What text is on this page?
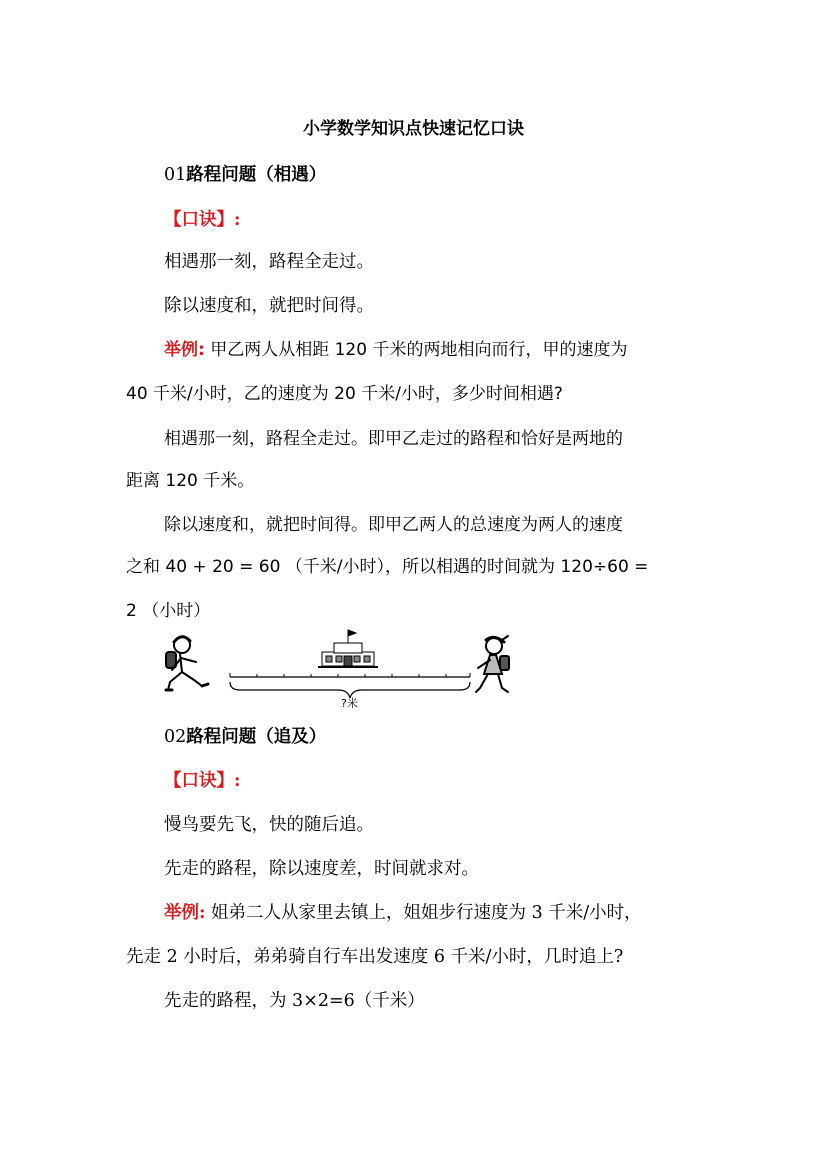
小学数学知识点快速记忆口诀
01路程问题（相遇）
【口诀】:
相遇那一刻，路程全走过。
除以速度和，就把时间得。
举例: 甲乙两人从相距 120 千米的两地相向而行，甲的速度为
40 千米/小时，乙的速度为 20 千米/小时，多少时间相遇?
相遇那一刻，路程全走过。即甲乙走过的路程和恰好是两地的
距离 120 千米。
除以速度和，就把时间得。即甲乙两人的总速度为两人的速度
之和 40 + 20 = 60 （千米/小时），所以相遇的时间就为 120÷60 =
2 （小时）
?米
02路程问题（追及）
【口诀】:
慢鸟要先飞，快的随后追。
先走的路程，除以速度差，时间就求对。
举例: 姐弟二人从家里去镇上，姐姐步行速度为 3 千米/小时，
先走 2 小时后，弟弟骑自行车出发速度 6 千米/小时，几时追上?
先走的路程，为 3×2=6（千米）
